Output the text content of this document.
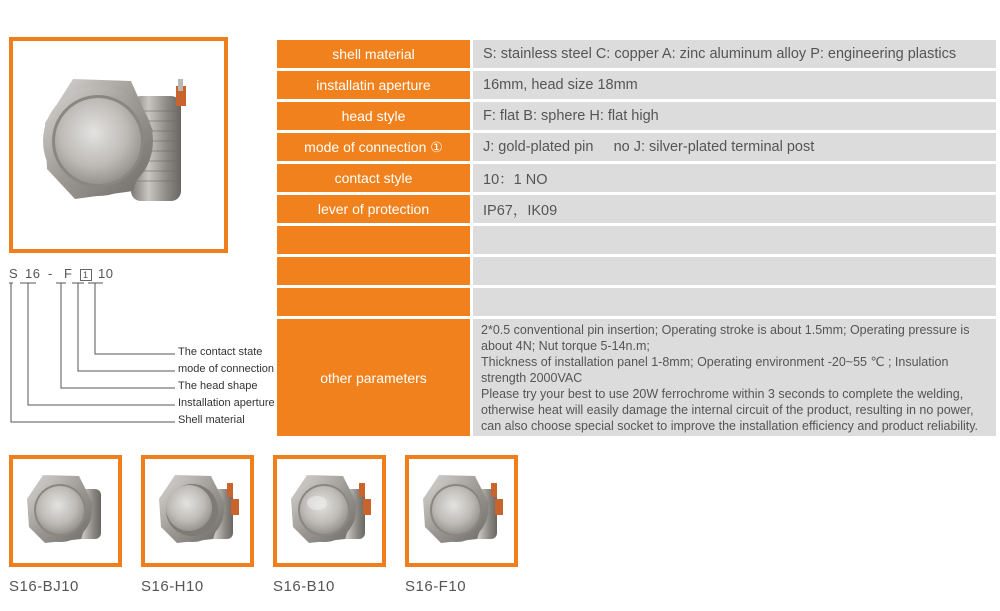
S 16 - F	1 10
The contact state
mode of connection
The head shape
Installation aperture
Shell material
shell material	S: stainless steel C: copper A: zinc aluminum alloy P: engineering plastics
installatin aperture	16mm, head size 18mm
head style	F: flat B: sphere H: flat high
mode of connection ①	J: gold-plated pin     no J: silver-plated terminal post
contact style	10：1 NO
lever of protection	IP67，IK09

other parameters	2*0.5 conventional pin insertion; Operating stroke is about 1.5mm; Operating pressure is about 4N; Nut torque 5-14n.m;
Thickness of installation panel 1-8mm; Operating environment -20~55 ℃ ; Insulation strength 2000VAC
Please try your best to use 20W ferrochrome within 3 seconds to complete the welding, otherwise heat will easily damage the internal circuit of the product, resulting in no power, can also choose special socket to improve the installation efficiency and product reliability.
S16-BJ10	S16-H10	S16-B10	S16-F10
